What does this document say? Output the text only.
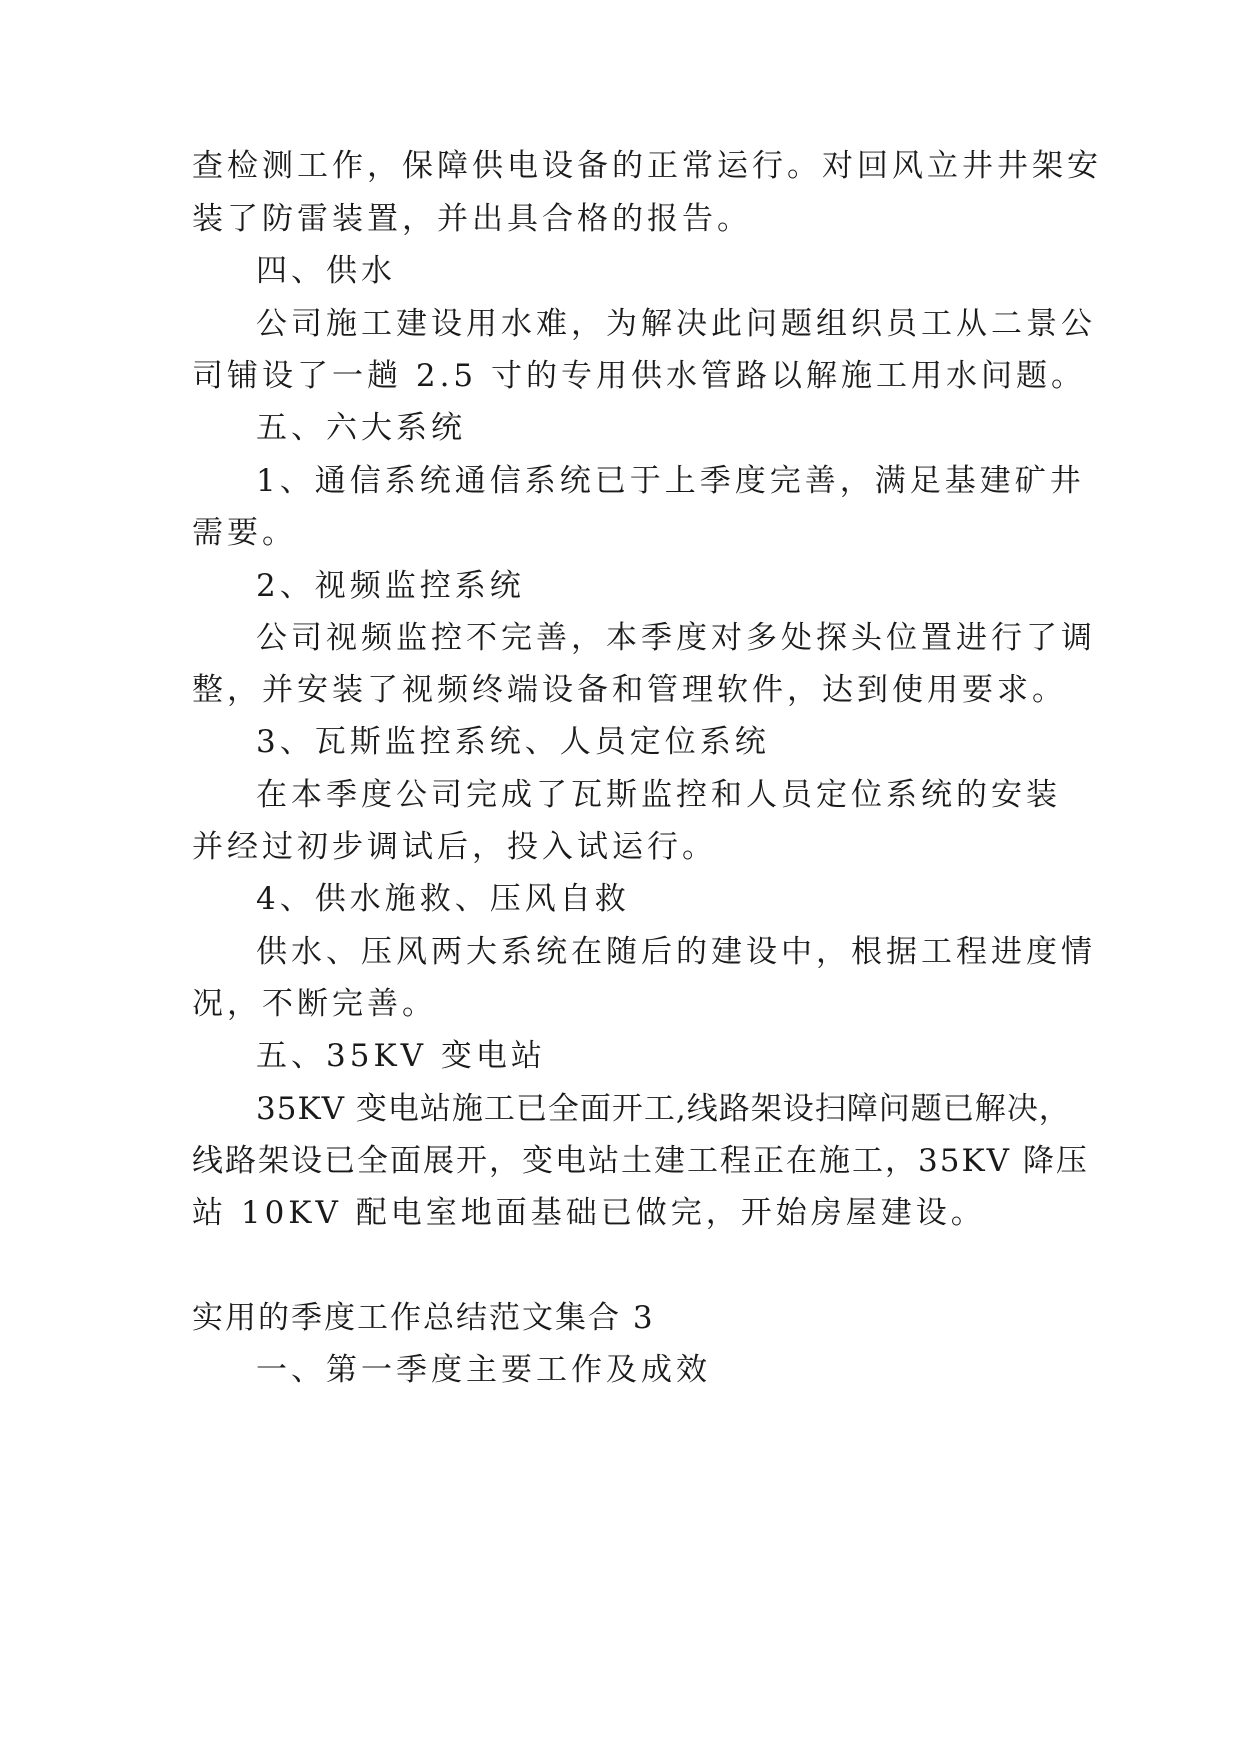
查检测工作，保障供电设备的正常运行。对回风立井井架安
装了防雷装置，并出具合格的报告。
四、供水
公司施工建设用水难，为解决此问题组织员工从二景公
司铺设了一趟 2.5 寸的专用供水管路以解施工用水问题。
五、六大系统
1、通信系统通信系统已于上季度完善，满足基建矿井
需要。
2、视频监控系统
公司视频监控不完善，本季度对多处探头位置进行了调
整，并安装了视频终端设备和管理软件，达到使用要求。
3、瓦斯监控系统、人员定位系统
在本季度公司完成了瓦斯监控和人员定位系统的安装
并经过初步调试后，投入试运行。
4、供水施救、压风自救
供水、压风两大系统在随后的建设中，根据工程进度情
况，不断完善。
五、35KV 变电站
35KV 变电站施工已全面开工,线路架设扫障问题已解决，
线路架设已全面展开，变电站土建工程正在施工，35KV 降压
站 10KV 配电室地面基础已做完，开始房屋建设。
实用的季度工作总结范文集合 3
一、第一季度主要工作及成效
